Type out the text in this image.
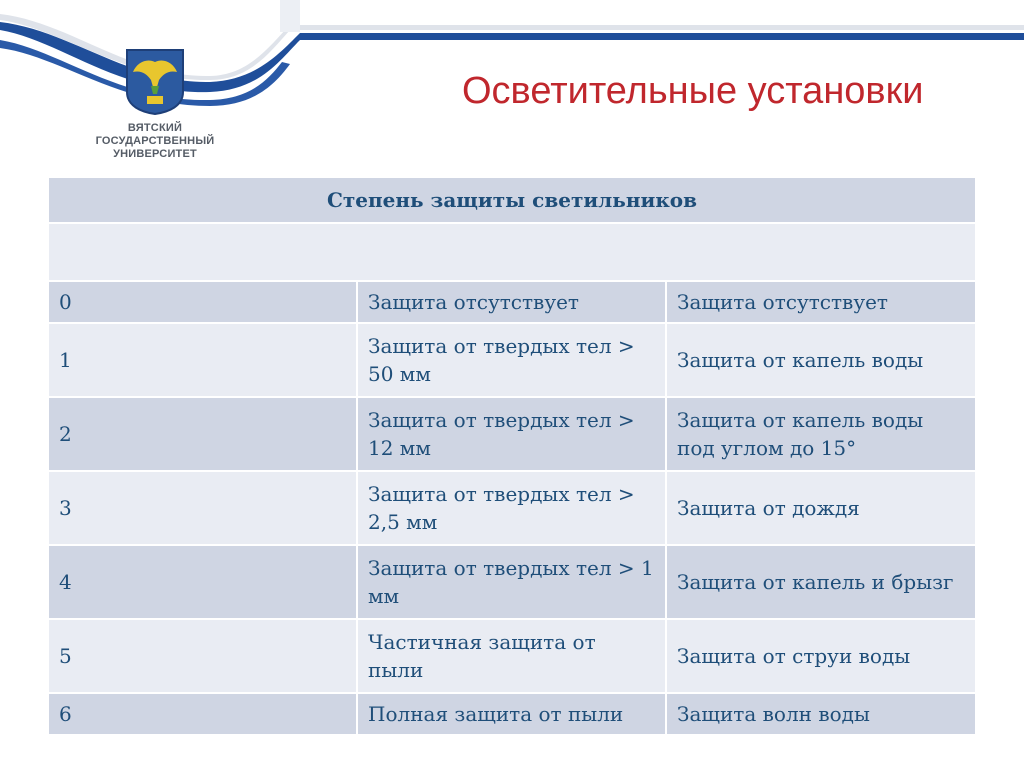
ВЯТСКИЙ
ГОСУДАРСТВЕННЫЙ
УНИВЕРСИТЕТ
Осветительные установки
Степень защиты светильников		

0	Защита отсутствует	Защита отсутствует
1	Защита от твердых тел > 50 мм	Защита от капель воды
2	Защита от твердых тел > 12 мм	Защита от капель воды под углом до 15°
3	Защита от твердых тел > 2,5 мм	Защита от дождя
4	Защита от твердых тел > 1 мм	Защита от капель и брызг
5	Частичная защита от пыли	Защита от струи воды
6	Полная защита от пыли	Защита волн воды
